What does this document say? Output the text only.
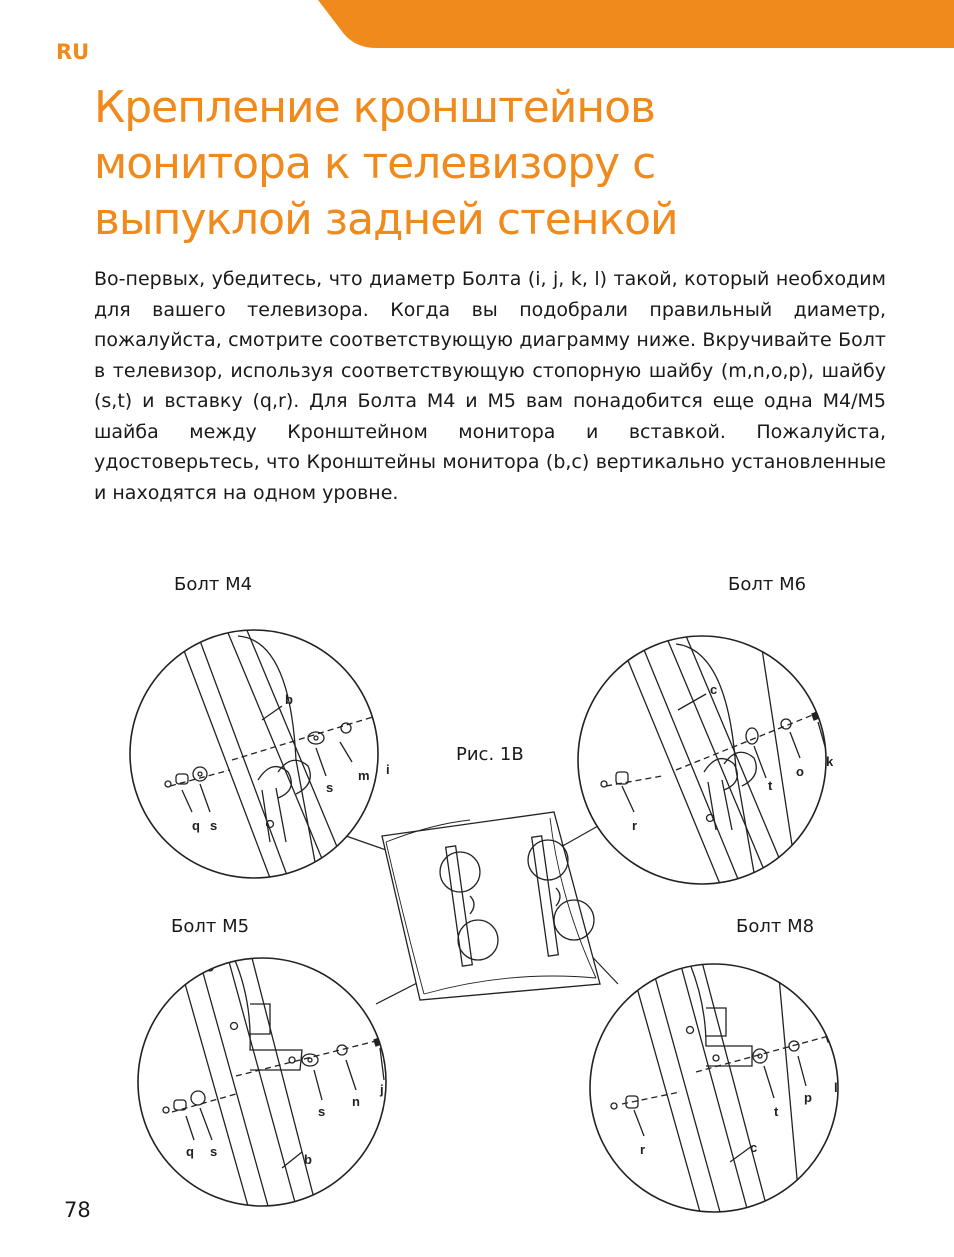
RU
Крепление кронштейнов
монитора к телевизору с
выпуклой задней стенкой

Во-первых, убедитесь, что диаметр Болта (i, j, k, l) такой, который необходим для вашего телевизора. Когда вы подобрали правильный диаметр, пожалуйста, смотрите соответствующую диаграмму ниже. Вкручивайте Болт в телевизор, используя соответствующую стопорную шайбу (m,n,o,p), шайбу (s,t) и вставку (q,r). Для Болта M4 и M5 вам понадобится еще одна M4/M5 шайба между Кронштейном монитора и вставкой. Пожалуйста, удостоверьтесь, что Кронштейны монитора (b,c) вертикально установленные и находятся на одном уровне.

Болт M4	Болт M6
Рис. 1B
Болт M5	Болт M8
b
s
m i
q s
c
t
o
k
r
s
n
j
q s
b
t
p
l
r	c
78
